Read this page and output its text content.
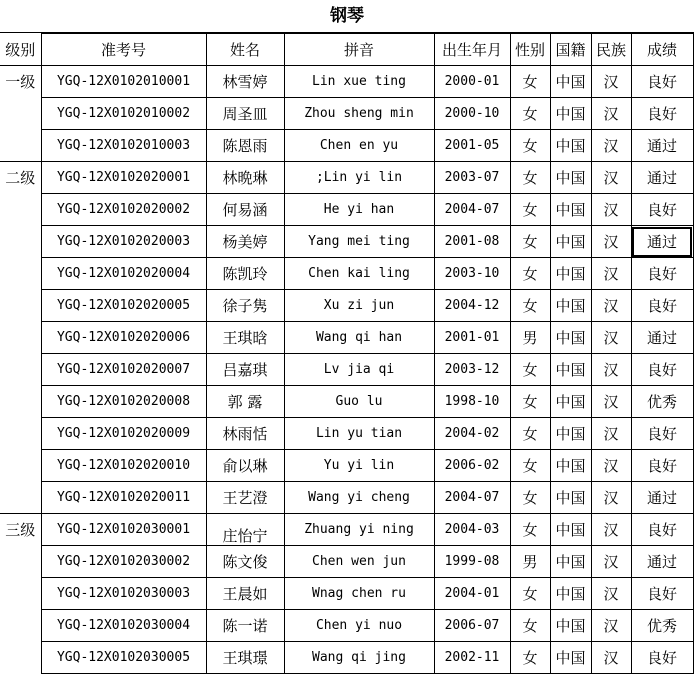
钢琴
级别	准考号	姓名	拼音	出生年月	性别	国籍	民族	成绩
一级	YGQ-12X0102010001	林雪婷	Lin xue ting	2000-01	女	中国	汉	良好
	YGQ-12X0102010002	周圣皿	Zhou sheng min	2000-10	女	中国	汉	良好
	YGQ-12X0102010003	陈恩雨	Chen en yu	2001-05	女	中国	汉	通过
二级	YGQ-12X0102020001	林晩琳	;Lin yi lin	2003-07	女	中国	汉	通过
	YGQ-12X0102020002	何易涵	He yi han	2004-07	女	中国	汉	良好
	YGQ-12X0102020003	杨美婷	Yang mei ting	2001-08	女	中国	汉	通过
	YGQ-12X0102020004	陈凯玲	Chen kai ling	2003-10	女	中国	汉	良好
	YGQ-12X0102020005	徐子隽	Xu zi jun	2004-12	女	中国	汉	良好
	YGQ-12X0102020006	王琪晗	Wang qi han	2001-01	男	中国	汉	通过
	YGQ-12X0102020007	吕嘉琪	Lv jia qi	2003-12	女	中国	汉	良好
	YGQ-12X0102020008	郭 露	Guo lu	1998-10	女	中国	汉	优秀
	YGQ-12X0102020009	林雨恬	Lin yu tian	2004-02	女	中国	汉	良好
	YGQ-12X0102020010	俞以琳	Yu yi lin	2006-02	女	中国	汉	良好
	YGQ-12X0102020011	王艺澄	Wang yi cheng	2004-07	女	中国	汉	通过
三级	YGQ-12X0102030001	庄怡宁	Zhuang yi ning	2004-03	女	中国	汉	良好
	YGQ-12X0102030002	陈文俊	Chen wen jun	1999-08	男	中国	汉	通过
	YGQ-12X0102030003	王晨如	Wnag chen ru	2004-01	女	中国	汉	良好
	YGQ-12X0102030004	陈一诺	Chen yi nuo	2006-07	女	中国	汉	优秀
	YGQ-12X0102030005	王琪璟	Wang qi jing	2002-11	女	中国	汉	良好
